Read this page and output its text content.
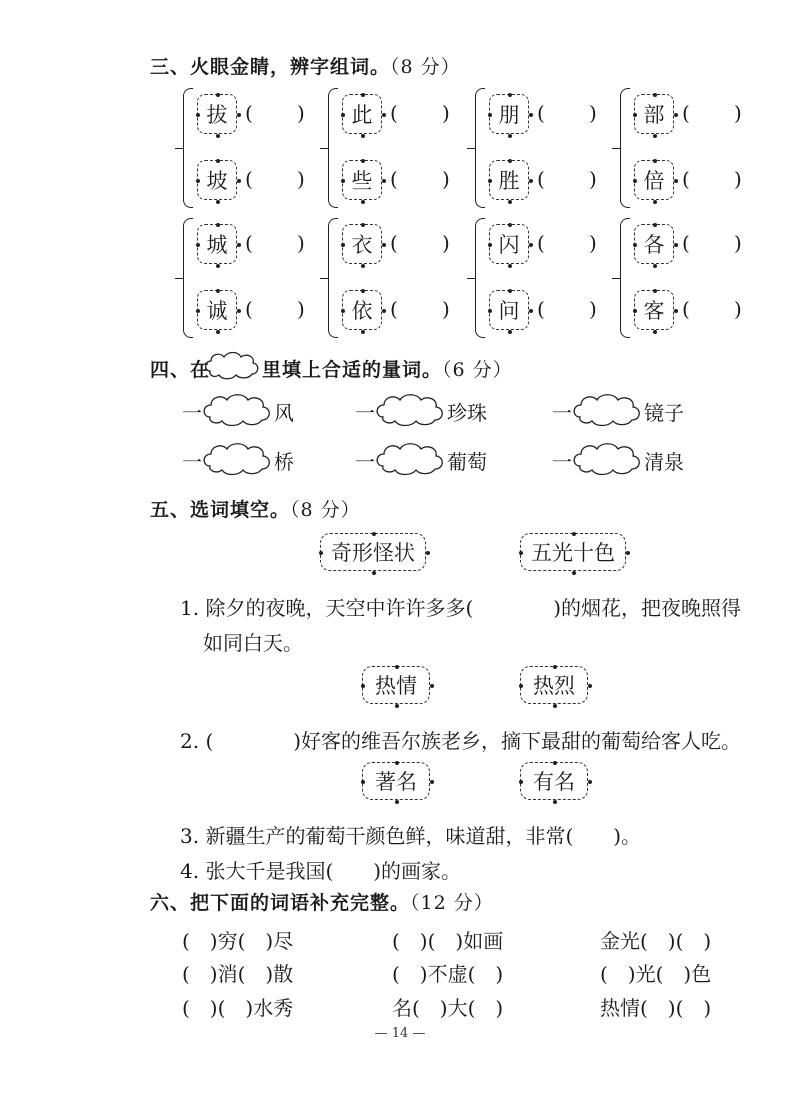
三、火眼金睛，辨字组词。（8 分）
拔 ( )
坡 ( )
此 ( )
些 ( )
朋 ( )
胜 ( )
部 ( )
倍 ( )
城 ( )
诚 ( )
衣 ( )
依 ( )
闪 ( )
问 ( )
各 ( )
客 ( )
四、在	里填上合适的量词。（6 分）
一	风	一	珍珠	一	镜子
一	桥	一	葡萄	一	清泉
五、选词填空。（8 分）
奇形怪状	五光十色
1. 除夕的夜晚，天空中许许多多(　　　　)的烟花，把夜晚照得
如同白天。
热情	热烈
2. (　　　　)好客的维吾尔族老乡，摘下最甜的葡萄给客人吃。
著名	有名
3. 新疆生产的葡萄干颜色鲜，味道甜，非常(　　)。
4. 张大千是我国(　　)的画家。
六、把下面的词语补充完整。（12 分）
(　)穷(　)尽	(　)(　)如画	金光(　)(　)
(　)消(　)散	(　)不虚(　)	(　)光(　)色
(　)(　)水秀	名(　)大(　)	热情(　)(　)
— 14 —
